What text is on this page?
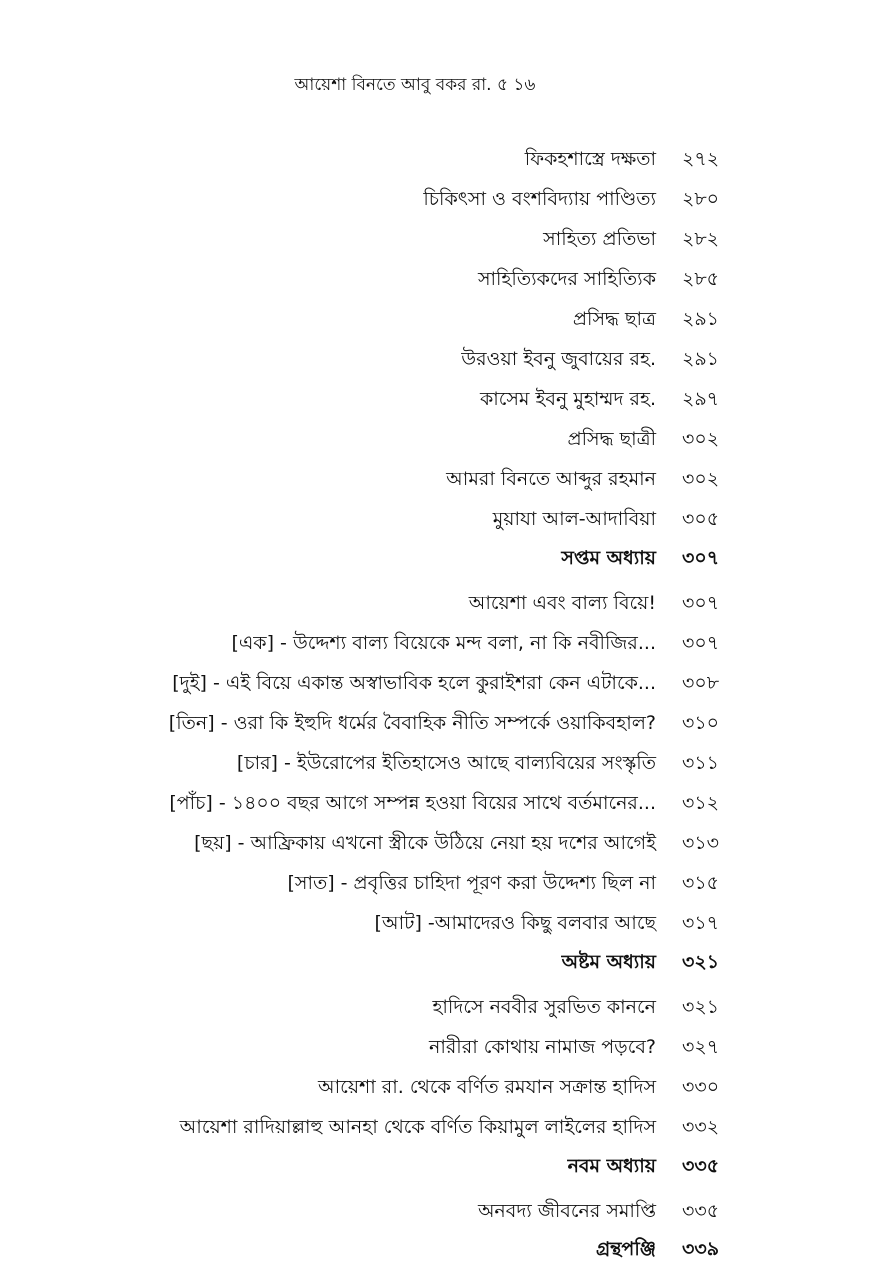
আয়েশা বিনতে আবু বকর রা. ৫ ১৬
ফিকহশাস্ত্রে দক্ষতা ২৭২
চিকিৎসা ও বংশবিদ্যায় পাণ্ডিত্য ২৮০
সাহিত্য প্রতিভা ২৮২
সাহিত্যিকদের সাহিত্যিক ২৮৫
প্রসিদ্ধ ছাত্র ২৯১
উরওয়া ইবনু জুবায়ের রহ. ২৯১
কাসেম ইবনু মুহাম্মদ রহ. ২৯৭
প্রসিদ্ধ ছাত্রী ৩০২
আমরা বিনতে আব্দুর রহমান ৩০২
মুয়াযা আল-আদাবিয়া ৩০৫
সপ্তম অধ্যায় ৩০৭
আয়েশা এবং বাল্য বিয়ে! ৩০৭
[এক] - উদ্দেশ্য বাল্য বিয়েকে মন্দ বলা, না কি নবীজির... ৩০৭
[দুই] - এই বিয়ে একান্ত অস্বাভাবিক হলে কুরাইশরা কেন এটাকে... ৩০৮
[তিন] - ওরা কি ইহুদি ধর্মের বৈবাহিক নীতি সম্পর্কে ওয়াকিবহাল? ৩১০
[চার] - ইউরোপের ইতিহাসেও আছে বাল্যবিয়ের সংস্কৃতি ৩১১
[পাঁচ] - ১৪০০ বছর আগে সম্পন্ন হওয়া বিয়ের সাথে বর্তমানের... ৩১২
[ছয়] - আফ্রিকায় এখনো স্ত্রীকে উঠিয়ে নেয়া হয় দশের আগেই ৩১৩
[সাত] - প্রবৃত্তির চাহিদা পূরণ করা উদ্দেশ্য ছিল না ৩১৫
[আট] -আমাদেরও কিছু বলবার আছে ৩১৭
অষ্টম অধ্যায় ৩২১
হাদিসে নববীর সুরভিত কাননে ৩২১
নারীরা কোথায় নামাজ পড়বে? ৩২৭
আয়েশা রা. থেকে বর্ণিত রমযান সক্রান্ত হাদিস ৩৩০
আয়েশা রাদিয়াল্লাহু আনহা থেকে বর্ণিত কিয়ামুল লাইলের হাদিস ৩৩২
নবম অধ্যায় ৩৩৫
অনবদ্য জীবনের সমাপ্তি ৩৩৫
গ্রন্থপঞ্জি ৩৩৯
